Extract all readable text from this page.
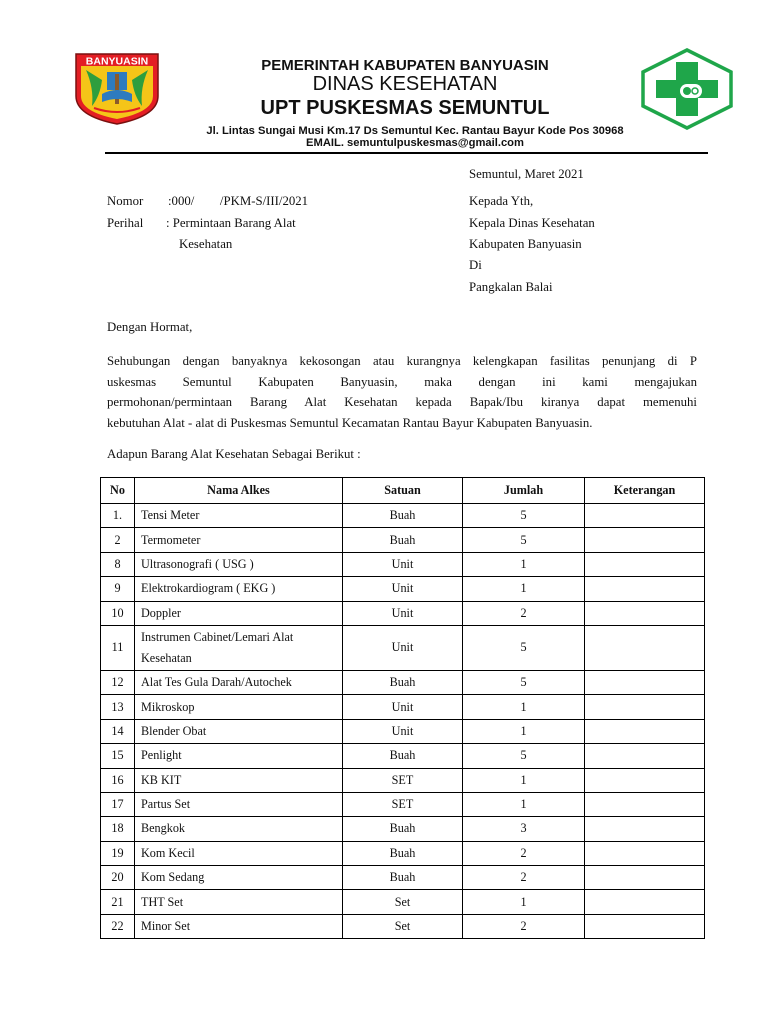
BANYUASIN	PEMERINTAH KABUPATEN BANYUASIN
DINAS KESEHATAN
UPT PUSKESMAS SEMUNTUL
Jl. Lintas Sungai Musi Km.17 Ds Semuntul Kec. Rantau Bayur Kode Pos 30968
EMAIL. semuntulpuskesmas@gmail.com
Semuntul, Maret 2021
Nomor :000/        /PKM-S/III/2021
Perihal : Permintaan Barang Alat
Kesehatan
Kepada Yth,
Kepala Dinas Kesehatan
Kabupaten Banyuasin
Di
Pangkalan Balai
Dengan Hormat,
Sehubungan dengan banyaknya kekosongan atau kurangnya kelengkapan fasilitas penunjang di P
uskesmas Semuntul Kabupaten Banyuasin, maka dengan ini kami mengajukan
permohonan/permintaan Barang Alat Kesehatan kepada Bapak/Ibu kiranya dapat memenuhi
kebutuhan Alat - alat di Puskesmas Semuntul Kecamatan Rantau Bayur Kabupaten Banyuasin.
Adapun Barang Alat Kesehatan Sebagai Berikut :
No	Nama Alkes	Satuan	Jumlah	Keterangan
1.	Tensi Meter	Buah	5	
2	Termometer	Buah	5	
8	Ultrasonografi ( USG )	Unit	1	
9	Elektrokardiogram ( EKG )	Unit	1	
10	Doppler	Unit	2	
11	Instrumen Cabinet/Lemari Alat
Kesehatan	Unit	5	
12	Alat Tes Gula Darah/Autochek	Buah	5	
13	Mikroskop	Unit	1	
14	Blender Obat	Unit	1	
15	Penlight	Buah	5	
16	KB KIT	SET	1	
17	Partus Set	SET	1	
18	Bengkok	Buah	3	
19	Kom Kecil	Buah	2	
20	Kom Sedang	Buah	2	
21	THT Set	Set	1	
22	Minor Set	Set	2	
